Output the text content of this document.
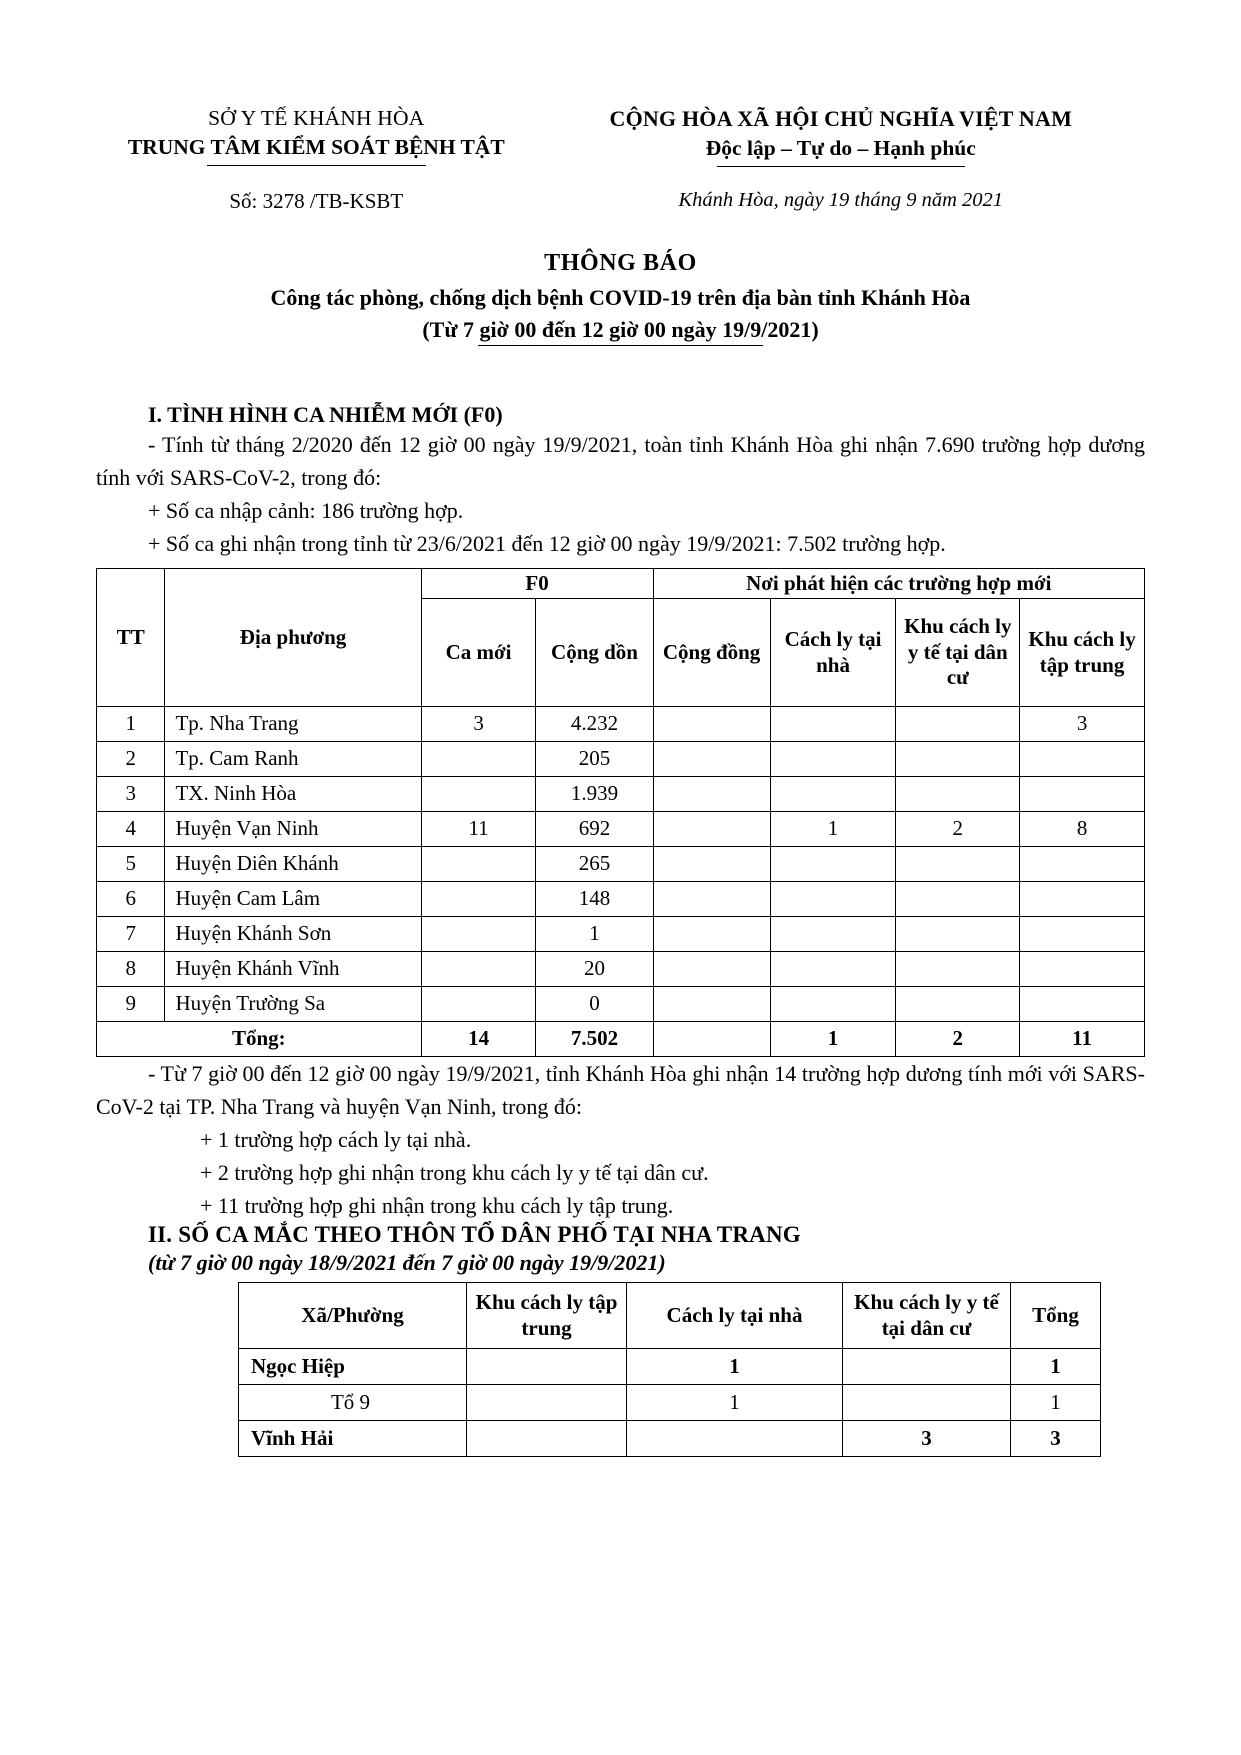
SỞ Y TẾ KHÁNH HÒA
TRUNG TÂM KIỂM SOÁT BỆNH TẬT
CỘNG HÒA XÃ HỘI CHỦ NGHĨA VIỆT NAM
Độc lập – Tự do – Hạnh phúc
Số: 3278 /TB-KSBT	Khánh Hòa, ngày 19 tháng 9 năm 2021
THÔNG BÁO
Công tác phòng, chống dịch bệnh COVID-19 trên địa bàn tỉnh Khánh Hòa
(Từ 7 giờ 00 đến 12 giờ 00 ngày 19/9/2021)
I. TÌNH HÌNH CA NHIỄM MỚI (F0)

- Tính từ tháng 2/2020 đến 12 giờ 00 ngày 19/9/2021, toàn tỉnh Khánh Hòa ghi nhận 7.690 trường hợp dương tính với SARS-CoV-2, trong đó:

+ Số ca nhập cảnh: 186 trường hợp.

+ Số ca ghi nhận trong tỉnh từ 23/6/2021 đến 12 giờ 00 ngày 19/9/2021: 7.502 trường hợp.

TT	Địa phương	F0		Nơi phát hiện các trường hợp mới			
		Ca mới	Cộng dồn	Cộng đồng	Cách ly tại nhà	Khu cách ly y tế tại dân cư	Khu cách ly tập trung
1	Tp. Nha Trang	3	4.232				3
2	Tp. Cam Ranh		205				
3	TX. Ninh Hòa		1.939				
4	Huyện Vạn Ninh	11	692		1	2	8
5	Huyện Diên Khánh		265				
6	Huyện Cam Lâm		148				
7	Huyện Khánh Sơn		1				
8	Huyện Khánh Vĩnh		20				
9	Huyện Trường Sa		0				
Tổng:		14	7.502		1	2	11

- Từ 7 giờ 00 đến 12 giờ 00 ngày 19/9/2021, tỉnh Khánh Hòa ghi nhận 14 trường hợp dương tính mới với SARS-CoV-2 tại TP. Nha Trang và huyện Vạn Ninh, trong đó:

+ 1 trường hợp cách ly tại nhà.

+ 2 trường hợp ghi nhận trong khu cách ly y tế tại dân cư.

+ 11 trường hợp ghi nhận trong khu cách ly tập trung.

II. SỐ CA MẮC THEO THÔN TỔ DÂN PHỐ TẠI NHA TRANG
(từ 7 giờ 00 ngày 18/9/2021 đến 7 giờ 00 ngày 19/9/2021)
Xã/Phường	Khu cách ly tập trung	Cách ly tại nhà	Khu cách ly y tế tại dân cư	Tổng
Ngọc Hiệp		1		1
Tổ 9		1		1
Vĩnh Hải			3	3
